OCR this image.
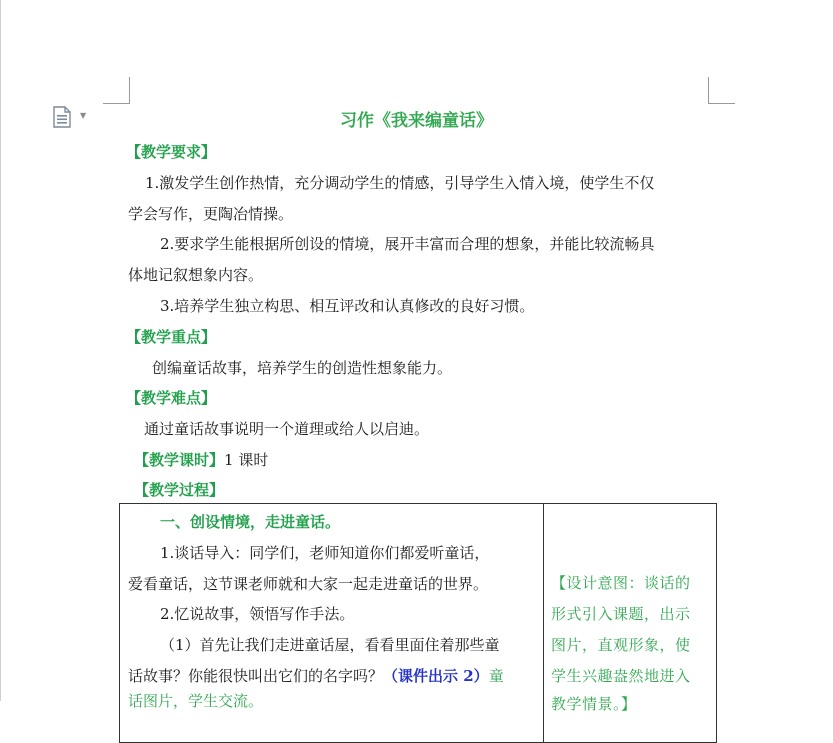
▼	习作《我来编童话》
【教学要求】
1.激发学生创作热情，充分调动学生的情感，引导学生入情入境，使学生不仅
学会写作，更陶冶情操。
2.要求学生能根据所创设的情境，展开丰富而合理的想象，并能比较流畅具
体地记叙想象内容。
3.培养学生独立构思、相互评改和认真修改的良好习惯。
【教学重点】
创编童话故事，培养学生的创造性想象能力。
【教学难点】
通过童话故事说明一个道理或给人以启迪。
【教学课时】1 课时
【教学过程】
一、创设情境，走进童话。
1.谈话导入：同学们，老师知道你们都爱听童话，
爱看童话，这节课老师就和大家一起走进童话的世界。
2.忆说故事，领悟写作手法。
（1）首先让我们走进童话屋，看看里面住着那些童
话故事？你能很快叫出它们的名字吗？（课件出示 2）童
话图片，学生交流。
【设计意图：谈话的
形式引入课题，出示
图片，直观形象，使
学生兴趣盎然地进入
教学情景。】
